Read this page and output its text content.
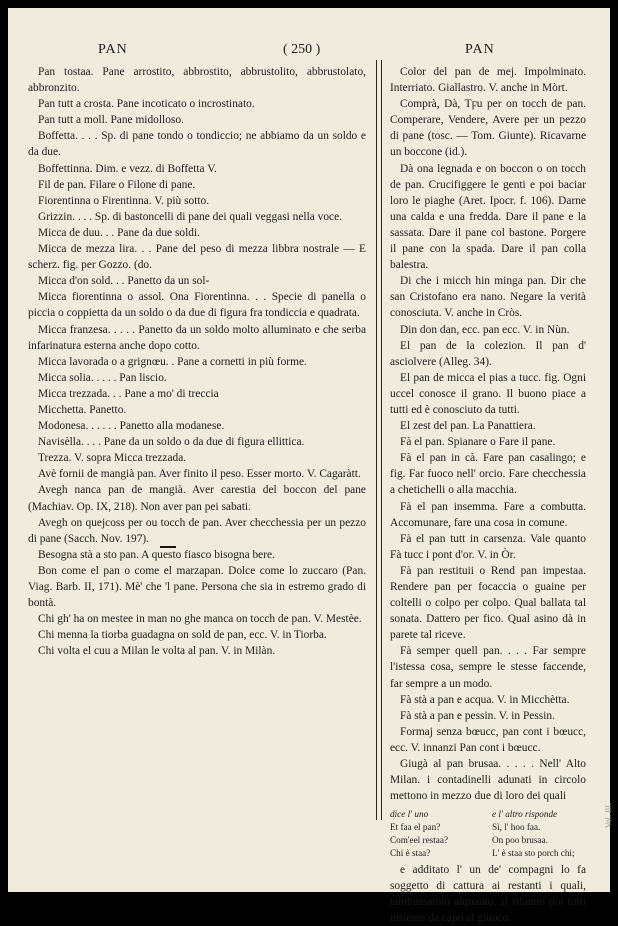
PAN	( 250 )	PAN

Pan tostaa. Pane arrostito, abbrostito, abbrustolito, abbrustolato, abbronzito.

Pan tutt a crosta. Pane incoticato o incrostinato.

Pan tutt a moll. Pane midolloso.

Boffetta. . . . Sp. di pane tondo o tondiccio; ne abbiamo da un soldo e da due.

Boffettinna. Dim. e vezz. di Boffetta V.

Fil de pan. Filare o Filone di pane.

Fiorentinna o Firentinna. V. più sotto.

Grizzin. . . . Sp. di bastoncelli di pane dei quali veggasi nella voce.

Micca de duu. . . Pane da due soldi.

Micca de mezza lira. . . Pane del peso di mezza libbra nostrale — E scherz. fig. per Gozzo. (do.

Micca d'on sold. . . Panetto da un sol-

Micca fiorentinna o assol. Ona Fiorentinna. . . Specie di panella o piccia o coppietta da un soldo o da due di figura fra tondiccia e quadrata.

Micca franzesa. . . . . Panetto da un soldo molto alluminato e che serba infarinatura esterna anche dopo cotto.

Micca lavorada o a grignœu. . Pane a cornetti in più forme.

Micca solia. . . . . Pan liscio.

Micca trezzada. . . Pane a mo' di treccia

Micchetta. Panetto.

Modonesa. . . . . . Panetto alla modanese.

Navisèlla. . . . Pane da un soldo o da due di figura ellittica.

Trezza. V. sopra Micca trezzada.

Avè fornii de mangià pan. Aver finito il peso. Esser morto. V. Cagaràtt.

Avegh nanca pan de mangià. Aver carestia del boccon del pane (Machiav. Op. IX, 218). Non aver pan pei sabati.

Avegh on quejcoss per ou tocch de pan. Aver checchessia per un pezzo di pane (Sacch. Nov. 197).

Besogna stà a sto pan. A questo fiasco bisogna bere.

Bon come el pan o come el marzapan. Dolce come lo zuccaro (Pan. Viag. Barb. II, 171). Mè' che 'l pane. Persona che sia in estremo grado di bontà.

Chi gh' ha on mestee in man no ghe manca on tocch de pan. V. Mestèe.

Chi menna la tiorba guadagna on sold de pan, ecc. V. in Tiorba.

Chi volta el cuu a Milan le volta al pan. V. in Milàn.

Color del pan de mej. Impolminato. Interriato. Giallastro. V. anche in Mòrt.

Comprà, Dà, Tϝu per on tocch de pan. Comperare, Vendere, Avere per un pezzo di pane (tosc. — Tom. Giunte). Ricavarne un boccone (id.).

Dà ona legnada e on boccon o on tocch de pan. Crucifiggere le genti e poi baciar loro le piaghe (Aret. Ipocr. f. 106). Darne una calda e una fredda. Dare il pane e la sassata. Dare il pane col bastone. Porgere il pane con la spada. Dare il pan colla balestra.

Di che i micch hin minga pan. Dir che san Cristofano era nano. Negare la verità conosciuta. V. anche in Cròs.

Din don dan, ecc. pan ecc. V. in Nùn.

El pan de la colezion. Il pan d' asciolvere (Alleg. 34).

El pan de micca el pias a tucc. fig. Ogni uccel conosce il grano. Il buono piace a tutti ed è conosciuto da tutti.

El zest del pan. La Panattiera.

Fà el pan. Spianare o Fare il pane.

Fà el pan in cà. Fare pan casalingo; e fig. Far fuoco nell' orcio. Fare checchessia a chetichelli o alla macchia.

Fà el pan insemma. Fare a combutta. Accomunare, fare una cosa in comune.

Fà el pan tutt in carsenza. Vale quanto Fà tucc i pont d'or. V. in Òr.

Fà pan restituii o Rend pan impestaa. Rendere pan per focaccia o guaine per coltelli o colpo per colpo. Qual ballata tal sonata. Dattero per fico. Qual asino dà in parete tal riceve.

Fà semper quell pan. . . . Far sempre l'istessa cosa, sempre le stesse faccende, far sempre a un modo.

Fà stà a pan e acqua. V. in Micchètta.

Fà stà a pan e pessin. V. in Pessin.

Formaj senza bœucc, pan cont i bœucc, ecc. V. innanzi Pan cont i bœucc.

Giugà al pan brusaa. . . . . Nell' Alto Milan. i contadinelli adunati in circolo mettono in mezzo due di loro dei quali

dice l' uno	e l' altro risponde
Et faa el pan?	Sì, l' hoo faa.
Com'eel restaa?	On poo brusaa.
Chi è staa?	L' è staa sto porch chi;

e additato l' un de' compagni lo fa soggetto di cattura ai restanti i quali, tambussatolo alquanto, si rifanno poi tutti insieme da capo al giuoco.

Vol. III.
